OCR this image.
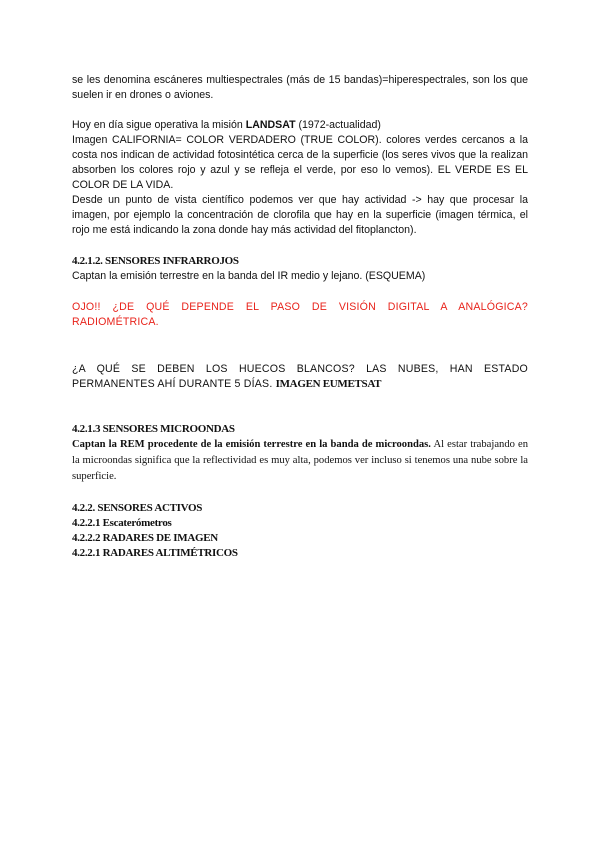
se les denomina escáneres multiespectrales (más de 15 bandas)=hiperespectrales, son los que suelen ir en drones o aviones.

Hoy en día sigue operativa la misión LANDSAT (1972-actualidad)

Imagen CALIFORNIA= COLOR VERDADERO (TRUE COLOR). colores verdes cercanos a la costa nos indican de actividad fotosintética cerca de la superficie (los seres vivos que la realizan absorben los colores rojo y azul y se refleja el verde, por eso lo vemos). EL VERDE ES EL COLOR DE LA VIDA.

Desde un punto de vista científico podemos ver que hay actividad -> hay que procesar la imagen, por ejemplo la concentración de clorofila que hay en la superficie (imagen térmica, el rojo me está indicando la zona donde hay más actividad del fitoplancton).

4.2.1.2. SENSORES INFRARROJOS

Captan la emisión terrestre en la banda del IR medio y lejano. (ESQUEMA)

OJO!! ¿DE QUÉ DEPENDE EL PASO DE VISIÓN DIGITAL A ANALÓGICA? RADIOMÉTRICA.

¿A QUÉ SE DEBEN LOS HUECOS BLANCOS? LAS NUBES, HAN ESTADO PERMANENTES AHÍ DURANTE 5 DÍAS. IMAGEN EUMETSAT

4.2.1.3 SENSORES MICROONDAS

Captan la REM procedente de la emisión terrestre en la banda de microondas. Al estar trabajando en la microondas significa que la reflectividad es muy alta, podemos ver incluso si tenemos una nube sobre la superficie.

4.2.2. SENSORES ACTIVOS

4.2.2.1 Escaterómetros

4.2.2.2 RADARES DE IMAGEN

4.2.2.1 RADARES ALTIMÉTRICOS
